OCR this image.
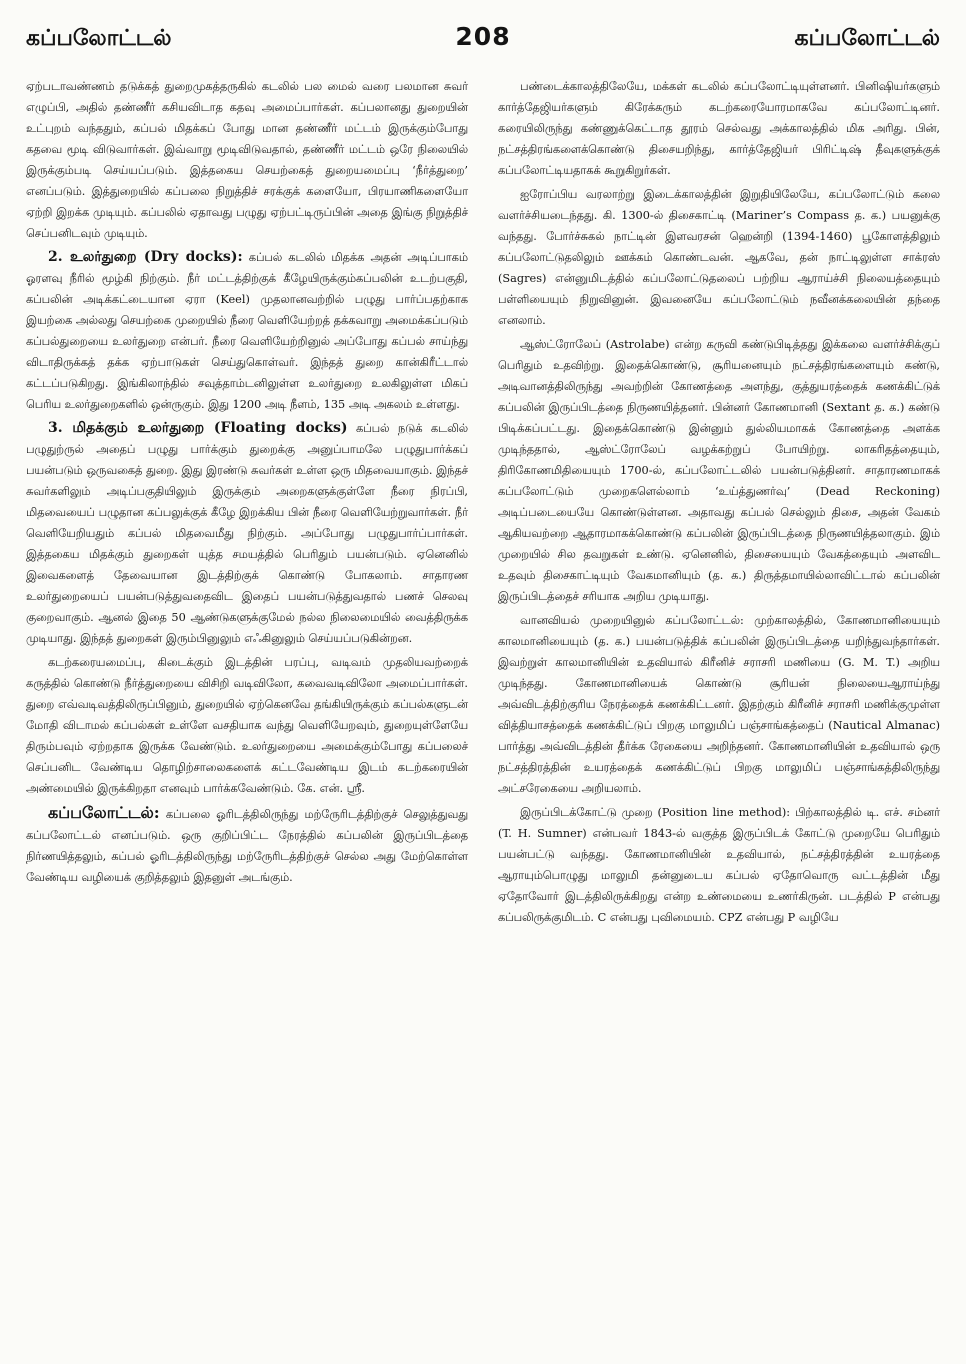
கப்பலோட்டல்	208	கப்பலோட்டல்

ஏற்படாவண்ணம் தடுக்கத் துறைமுகத்தருகில் கடலில் பல மைல் வரை பலமான சுவர் எழுப்பி, அதில் தண்ணீர் கசியவிடாத கதவு அமைப்பார்கள். கப்பலானது துறையின் உட்புறம் வந்ததும், கப்பல் மிதக்கப் போது மான தண்ணீர் மட்டம் இருக்கும்போது கதவை மூடி விடுவார்கள். இவ்வாறு மூடிவிடுவதால், தண்ணீர் மட்டம் ஒரே நிலையில் இருக்கும்படி செய்யப்படும். இத்தகைய செயற்கைத் துறையமைப்பு ‘நீர்த்துறை’ எனப்படும். இத்துறையில் கப்பலை நிறுத்திச் சரக்குக் களையோ, பிரயாணிகளையோ ஏற்றி இறக்க முடியும். கப்பலில் ஏதாவது பழுது ஏற்பட்டிருப்பின் அதை இங்கு நிறுத்திச் செப்பனிடவும் முடியும்.

2. உலர்துறை (Dry docks): கப்பல் கடலில் மிதக்க அதன் அடிப்பாகம் ஓரளவு நீரில் மூழ்கி நிற்கும். நீர் மட்டத்திற்குக் கீழேயிருக்கும்கப்பலின் உடற்பகுதி, கப்பலின் அடிக்கட்டையான ஏரா (Keel) முதலானவற்றில் பழுது பார்ப்பதற்காக இயற்கை அல்லது செயற்கை முறையில் நீரை வெளியேற்றத் தக்கவாறு அமைக்கப்படும் கப்பல்துறையை உலர்துறை என்பர். நீரை வெளியேற்றினுல் அப்போது கப்பல் சாய்ந்து விடாதிருக்கத் தக்க ஏற்பாடுகள் செய்துகொள்வர். இந்தத் துறை கான்கிரீட்டால் கட்டப்படுகிறது. இங்கிலாந்தில் சவுத்தாம்டனிலுள்ள உலர்துறை உலகிலுள்ள மிகப் பெரிய உலர்துறைகளில் ஒன்ருகும். இது 1200 அடி நீளம், 135 அடி அகலம் உள்ளது.

3. மிதக்கும் உலர்துறை (Floating docks) கப்பல் நடுக் கடலில் பழுதுற்ருல் அதைப் பழுது பார்க்கும் துறைக்கு அனுப்பாமலே பழுதுபார்க்கப் பயன்படும் ஒருவகைத் துறை. இது இரண்டு சுவர்கள் உள்ள ஒரு மிதவையாகும். இந்தச் சுவர்களிலும் அடிப்பகுதியிலும் இருக்கும் அறைகளுக்குள்ளே நீரை நிரப்பி, மிதவையைப் பழுதான கப்பலுக்குக் கீழே இறக்கிய பின் நீரை வெளியேற்றுவார்கள். நீர் வெளியேறியதும் கப்பல் மிதவைமீது நிற்கும். அப்போது பழுதுபார்ப்பார்கள். இத்தகைய மிதக்கும் துறைகள் யுத்த சமயத்தில் பெரிதும் பயன்படும். ஏனெனில் இவைகளைத் தேவையான இடத்திற்குக் கொண்டு போகலாம். சாதாரண உலர்துறையைப் பயன்படுத்துவதைவிட இதைப் பயன்படுத்துவதால் பணச் செலவு குறைவாகும். ஆனல் இதை 50 ஆண்டுகளுக்குமேல் நல்ல நிலைமையில் வைத்திருக்க முடியாது. இந்தத் துறைகள் இரும்பினுலும் எஃகினுலும் செய்யப்படுகின்றன.

கடற்கரையமைப்பு, கிடைக்கும் இடத்தின் பரப்பு, வடிவம் முதலியவற்றைக் கருத்தில் கொண்டு நீர்த்துறையை விசிறி வடிவிலோ, கவைவடிவிலோ அமைப்பார்கள். துறை எவ்வடிவத்திலிருப்பினும், துறையில் ஏற்கெனவே தங்கியிருக்கும் கப்பல்களுடன் மோதி விடாமல் கப்பல்கள் உள்ளே வசதியாக வந்து வெளியேறவும், துறையுள்ளேயே திரும்பவும் ஏற்றதாக இருக்க வேண்டும். உலர்துறையை அமைக்கும்போது கப்பலைச் செப்பனிட வேண்டிய தொழிற்சாலைகளைக் கட்டவேண்டிய இடம் கடற்கரையின் அண்மையில் இருக்கிறதா எனவும் பார்க்கவேண்டும். கே. என். ஸ்ரீ.

கப்பலோட்டல்: கப்பலை ஓரிடத்திலிருந்து மற்ருேரிடத்திற்குச் செலுத்துவது கப்பலோட்டல் எனப்படும். ஒரு குறிப்பிட்ட நேரத்தில் கப்பலின் இருப்பிடத்தை நிர்ணயித்தலும், கப்பல் ஓரிடத்திலிருந்து மற்ருேரிடத்திற்குச் செல்ல அது மேற்கொள்ள வேண்டிய வழியைக் குறித்தலும் இதனுள் அடங்கும்.

பண்டைக்காலத்திலேயே, மக்கள் கடலில் கப்பலோட்டியுள்ளனர். பினிஷியர்களும் கார்த்தேஜியர்களும் கிரேக்கரும் கடற்கரையோரமாகவே கப்பலோட்டினர். கரையிலிருந்து கண்ணுக்கெட்டாத தூரம் செல்வது அக்காலத்தில் மிக அரிது. பின், நட்சத்திரங்களைக்கொண்டு திசையறிந்து, கார்த்தேஜியர் பிரிட்டிஷ் தீவுகளுக்குக் கப்பலோட்டியதாகக் கூறுகிறுர்கள்.

ஐரோப்பிய வரலாற்று இடைக்காலத்தின் இறுதியிலேயே, கப்பலோட்டும் கலை வளர்ச்சியடைந்தது. கி. 1300-ல் திசைகாட்டி (Mariner’s Compass த. க.) பயனுக்கு வந்தது. போர்ச்சுகல் நாட்டின் இளவரசன் ஹென்றி (1394-1460) பூகோளத்திலும் கப்பலோட்டுதலிலும் ஊக்கம் கொண்டவன். ஆகவே, தன் நாட்டிலுள்ள சாக்ரஸ் (Sagres) என்னுமிடத்தில் கப்பலோட்டுதலைப் பற்றிய ஆராய்ச்சி நிலையத்தையும் பள்ளியையும் நிறுவினுன். இவனையே கப்பலோட்டும் நவீனக்கலையின் தந்தை எனலாம்.

ஆஸ்ட்ரோலேப் (Astrolabe) என்ற கருவி கண்டுபிடித்தது இக்கலை வளர்ச்சிக்குப் பெரிதும் உதவிற்று. இதைக்கொண்டு, சூரியனையும் நட்சத்திரங்களையும் கண்டு, அடிவானத்திலிருந்து அவற்றின் கோணத்தை அளந்து, குத்துயரத்தைக் கணக்கிட்டுக் கப்பலின் இருப்பிடத்தை நிருணயித்தனர். பின்னர் கோணமானி (Sextant த. க.) கண்டு பிடிக்கப்பட்டது. இதைக்கொண்டு இன்னும் துல்லியமாகக் கோணத்தை அளக்க முடிந்ததால், ஆஸ்ட்ரோலேப் வழக்கற்றுப் போயிற்று. லாகரிதத்தையும், திரிகோணமிதியையும் 1700-ல், கப்பலோட்டலில் பயன்படுத்தினர். சாதாரணமாகக் கப்பலோட்டும் முறைகளெல்லாம் ‘உய்த்துணர்வு’ (Dead Reckoning) அடிப்படையையே கொண்டுள்ளன. அதாவது கப்பல் செல்லும் திசை, அதன் வேகம் ஆகியவற்றை ஆதாரமாகக்கொண்டு கப்பலின் இருப்பிடத்தை நிருணயித்தலாகும். இம் முறையில் சில தவறுகள் உண்டு. ஏனெனில், திசையையும் வேகத்தையும் அளவிட உதவும் திசைகாட்டியும் வேகமானியும் (த. க.) திருத்தமாயில்லாவிட்டால் கப்பலின் இருப்பிடத்தைச் சரியாக அறிய முடியாது.

வானவியல் முறையினுல் கப்பலோட்டல்: முற்காலத்தில், கோணமானியையும் காலமானியையும் (த. க.) பயன்படுத்திக் கப்பலின் இருப்பிடத்தை யறிந்துவந்தார்கள். இவற்றுள் காலமானியின் உதவியால் கிரீனிச் சராசரி மணியை (G. M. T.) அறிய முடிந்தது. கோணமானியைக் கொண்டு சூரியன் நிலையைஆராய்ந்து அவ்விடத்திற்குரிய நேரத்தைக் கணக்கிட்டனர். இதற்கும் கிரீனிச் சராசரி மணிக்குமுள்ள வித்தியாசத்தைக் கணக்கிட்டுப் பிறகு மாலுமிப் பஞ்சாங்கத்தைப் (Nautical Almanac) பார்த்து அவ்விடத்தின் தீர்க்க ரேகையை அறிந்தனர். கோணமானியின் உதவியால் ஒரு நட்சத்திரத்தின் உயரத்தைக் கணக்கிட்டுப் பிறகு மாலுமிப் பஞ்சாங்கத்திலிருந்து அட்சரேகையை அறியலாம்.

இருப்பிடக்கோட்டு முறை (Position line method): பிற்காலத்தில் டி. எச். சம்னர் (T. H. Sumner) என்பவர் 1843-ல் வகுத்த இருப்பிடக் கோட்டு முறையே பெரிதும் பயன்பட்டு வந்தது. கோணமானியின் உதவியால், நட்சத்திரத்தின் உயரத்தை ஆராயும்பொழுது மாலுமி தன்னுடைய கப்பல் ஏதோவொரு வட்டத்தின் மீது ஏதோவோர் இடத்திலிருக்கிறது என்ற உண்மையை உணர்கிருன். படத்தில் P என்பது கப்பலிருக்குமிடம். C என்பது புவிமையம். CPZ என்பது P வழியே
